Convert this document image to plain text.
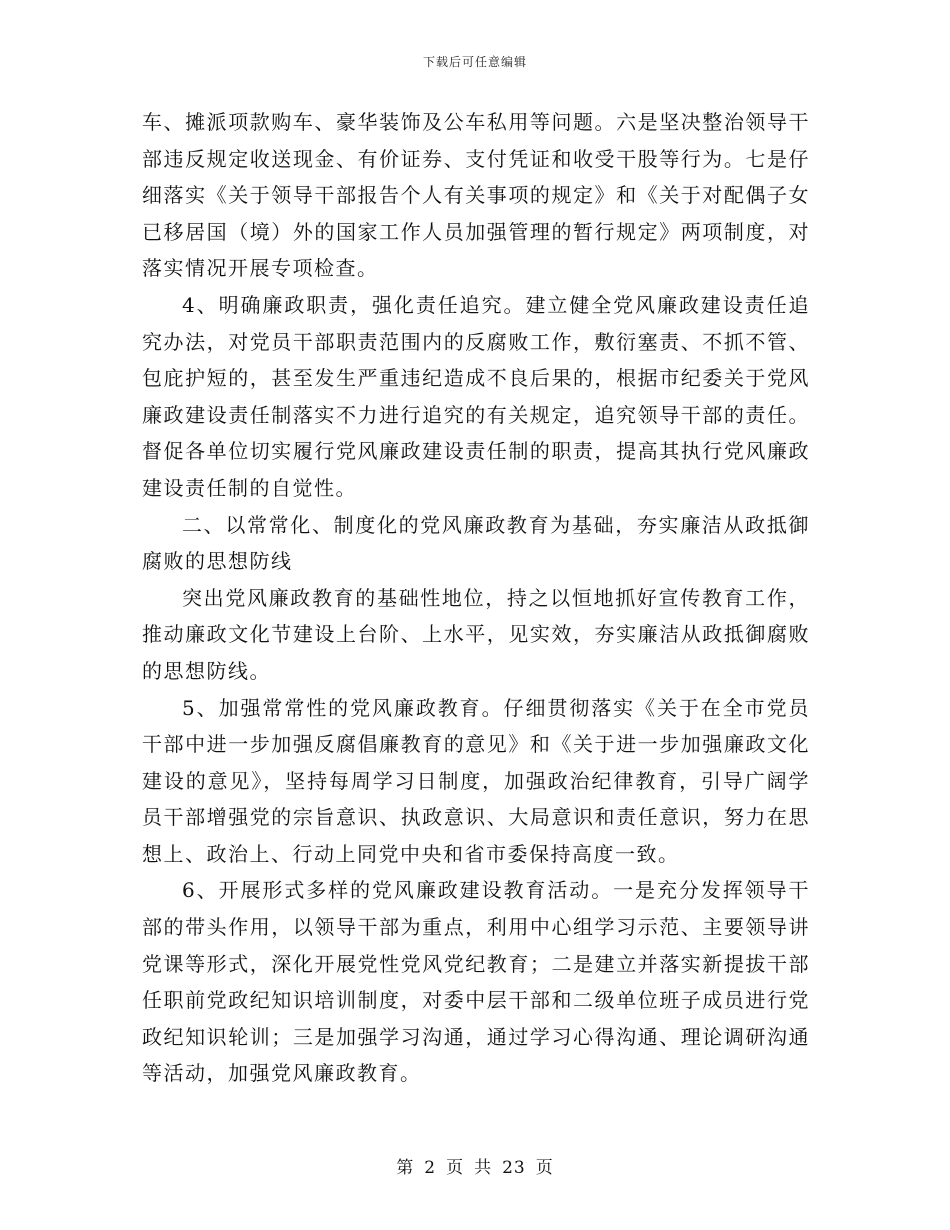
下载后可任意编辑

车、摊派项款购车、豪华装饰及公车私用等问题。六是坚决整治领导干部违反规定收送现金、有价证券、支付凭证和收受干股等行为。七是仔细落实《关于领导干部报告个人有关事项的规定》和《关于对配偶子女已移居国（境）外的国家工作人员加强管理的暂行规定》两项制度，对落实情况开展专项检查。

4、明确廉政职责，强化责任追究。建立健全党风廉政建设责任追究办法，对党员干部职责范围内的反腐败工作，敷衍塞责、不抓不管、包庇护短的，甚至发生严重违纪造成不良后果的，根据市纪委关于党风廉政建设责任制落实不力进行追究的有关规定，追究领导干部的责任。督促各单位切实履行党风廉政建设责任制的职责，提高其执行党风廉政建设责任制的自觉性。

二、以常常化、制度化的党风廉政教育为基础，夯实廉洁从政抵御腐败的思想防线

突出党风廉政教育的基础性地位，持之以恒地抓好宣传教育工作，推动廉政文化节建设上台阶、上水平，见实效，夯实廉洁从政抵御腐败的思想防线。

5、加强常常性的党风廉政教育。仔细贯彻落实《关于在全市党员干部中进一步加强反腐倡廉教育的意见》和《关于进一步加强廉政文化建设的意见》，坚持每周学习日制度，加强政治纪律教育，引导广阔学员干部增强党的宗旨意识、执政意识、大局意识和责任意识，努力在思想上、政治上、行动上同党中央和省市委保持高度一致。

6、开展形式多样的党风廉政建设教育活动。一是充分发挥领导干部的带头作用，以领导干部为重点，利用中心组学习示范、主要领导讲党课等形式，深化开展党性党风党纪教育；二是建立并落实新提拔干部任职前党政纪知识培训制度，对委中层干部和二级单位班子成员进行党政纪知识轮训；三是加强学习沟通，通过学习心得沟通、理论调研沟通等活动，加强党风廉政教育。

第 2 页 共 23 页
